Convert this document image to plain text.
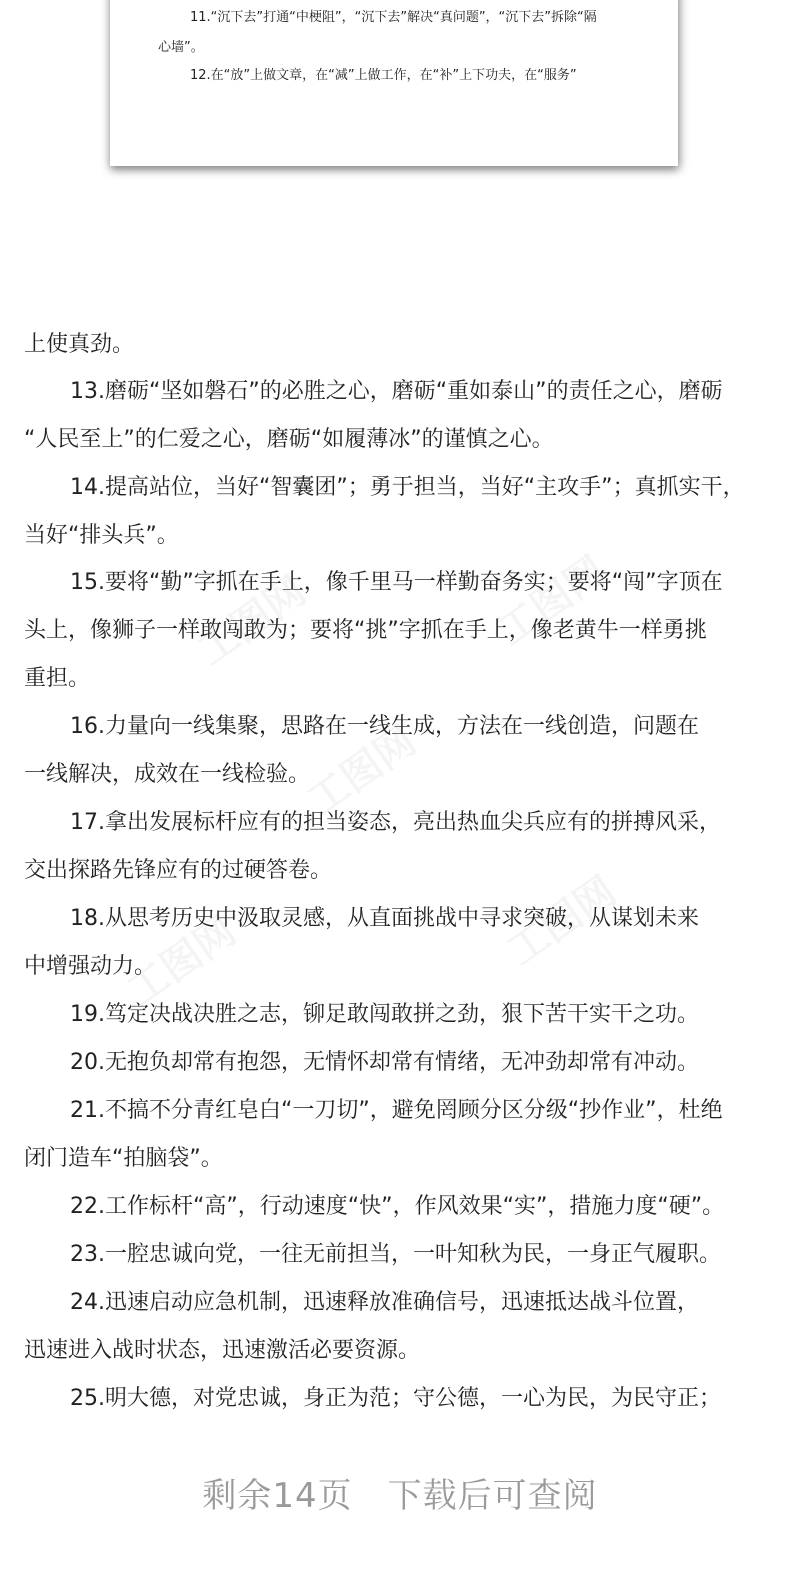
11.“沉下去”打通“中梗阻”，“沉下去”解决“真问题”，“沉下去”拆除“隔
心墙”。
12.在“放”上做文章，在“减”上做工作，在“补”上下功夫，在“服务”
上使真劲。
13.磨砺“坚如磐石”的必胜之心，磨砺“重如泰山”的责任之心，磨砺
“人民至上”的仁爱之心，磨砺“如履薄冰”的谨慎之心。
14.提高站位，当好“智囊团”；勇于担当，当好“主攻手”；真抓实干，
当好“排头兵”。
15.要将“勤”字抓在手上，像千里马一样勤奋务实；要将“闯”字顶在
头上，像狮子一样敢闯敢为；要将“挑”字抓在手上，像老黄牛一样勇挑
重担。
16.力量向一线集聚，思路在一线生成，方法在一线创造，问题在
一线解决，成效在一线检验。
17.拿出发展标杆应有的担当姿态，亮出热血尖兵应有的拼搏风采，
交出探路先锋应有的过硬答卷。
18.从思考历史中汲取灵感，从直面挑战中寻求突破，从谋划未来
中增强动力。
19.笃定决战决胜之志，铆足敢闯敢拼之劲，狠下苦干实干之功。
20.无抱负却常有抱怨，无情怀却常有情绪，无冲劲却常有冲动。
21.不搞不分青红皂白“一刀切”，避免罔顾分区分级“抄作业”，杜绝
闭门造车“拍脑袋”。
22.工作标杆“高”，行动速度“快”，作风效果“实”，措施力度“硬”。
23.一腔忠诚向党，一往无前担当，一叶知秋为民，一身正气履职。
24.迅速启动应急机制，迅速释放准确信号，迅速抵达战斗位置，
迅速进入战时状态，迅速激活必要资源。
25.明大德，对党忠诚，身正为范；守公德，一心为民，为民守正；
剩余14页　下载后可查阅
